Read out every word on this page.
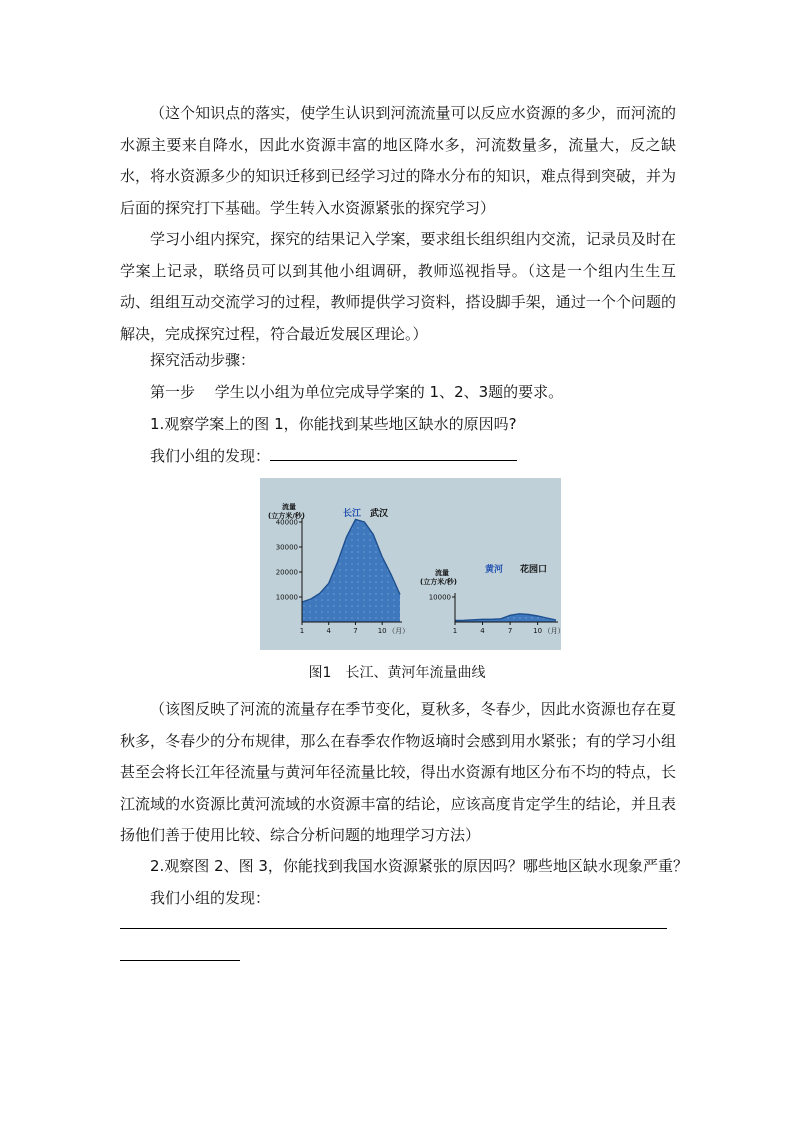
（这个知识点的落实，使学生认识到河流流量可以反应水资源的多少，而河流的水源主要来自降水，因此水资源丰富的地区降水多，河流数量多，流量大，反之缺水，将水资源多少的知识迁移到已经学习过的降水分布的知识，难点得到突破，并为后面的探究打下基础。学生转入水资源紧张的探究学习）

学习小组内探究，探究的结果记入学案，要求组长组织组内交流，记录员及时在学案上记录，联络员可以到其他小组调研，教师巡视指导。（这是一个组内生生互动、组组互动交流学习的过程，教师提供学习资料，搭设脚手架，通过一个个问题的解决，完成探究过程，符合最近发展区理论。）

探究活动步骤：

第一步　 学生以小组为单位完成导学案的 1、2、3题的要求。

1.观察学案上的图 1，你能找到某些地区缺水的原因吗?

我们小组的发现：

流量
(立方米/秒)	长江 武汉
40000
30000
20000
10000
1	4	7	10 （月）
流量
(立方米/秒)
黄河 花园口
10000
1	4	7	10 （月）
图1　长江、黄河年流量曲线

（该图反映了河流的流量存在季节变化，夏秋多，冬春少，因此水资源也存在夏秋多，冬春少的分布规律，那么在春季农作物返墒时会感到用水紧张；有的学习小组甚至会将长江年径流量与黄河年径流量比较，得出水资源有地区分布不均的特点，长江流域的水资源比黄河流域的水资源丰富的结论，应该高度肯定学生的结论，并且表扬他们善于使用比较、综合分析问题的地理学习方法）

2.观察图 2、图 3，你能找到我国水资源紧张的原因吗？哪些地区缺水现象严重？

我们小组的发现：
